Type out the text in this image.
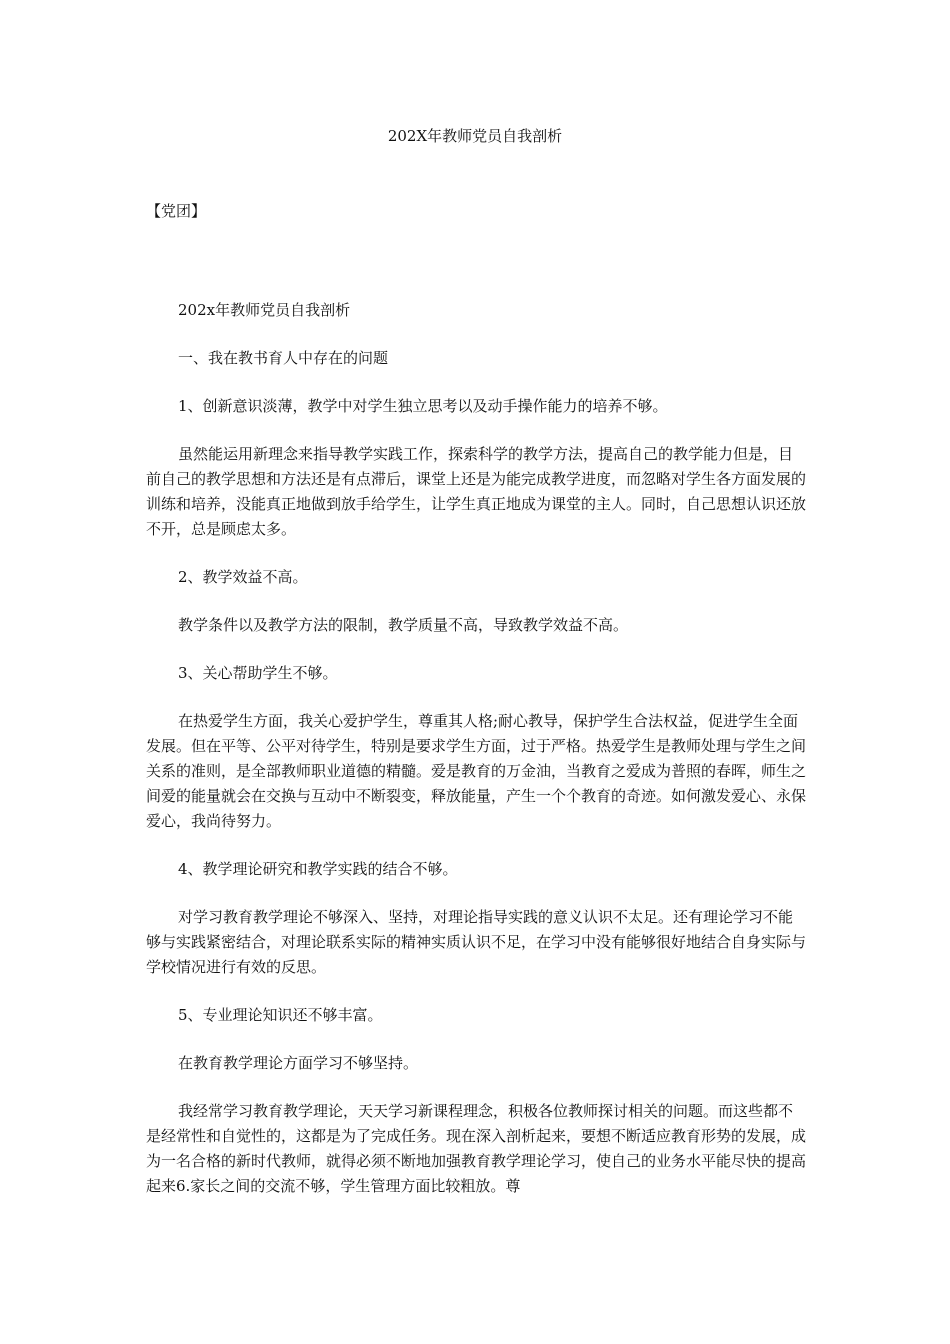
202X年教师党员自我剖析
【党团】

202x年教师党员自我剖析

一、我在教书育人中存在的问题

1、创新意识淡薄，教学中对学生独立思考以及动手操作能力的培养不够。

虽然能运用新理念来指导教学实践工作，探索科学的教学方法，提高自己的教学能力但是，目前自己的教学思想和方法还是有点滞后，课堂上还是为能完成教学进度，而忽略对学生各方面发展的训练和培养，没能真正地做到放手给学生，让学生真正地成为课堂的主人。同时，自己思想认识还放不开，总是顾虑太多。

2、教学效益不高。

教学条件以及教学方法的限制，教学质量不高，导致教学效益不高。

3、关心帮助学生不够。

在热爱学生方面，我关心爱护学生，尊重其人格;耐心教导，保护学生合法权益，促进学生全面发展。但在平等、公平对待学生，特别是要求学生方面，过于严格。热爱学生是教师处理与学生之间关系的准则，是全部教师职业道德的精髓。爱是教育的万金油，当教育之爱成为普照的春晖，师生之间爱的能量就会在交换与互动中不断裂变，释放能量，产生一个个教育的奇迹。如何激发爱心、永保爱心，我尚待努力。

4、教学理论研究和教学实践的结合不够。

对学习教育教学理论不够深入、坚持，对理论指导实践的意义认识不太足。还有理论学习不能够与实践紧密结合，对理论联系实际的精神实质认识不足，在学习中没有能够很好地结合自身实际与学校情况进行有效的反思。

5、专业理论知识还不够丰富。

在教育教学理论方面学习不够坚持。

我经常学习教育教学理论，天天学习新课程理念，积极各位教师探讨相关的问题。而这些都不是经常性和自觉性的，这都是为了完成任务。现在深入剖析起来，要想不断适应教育形势的发展，成为一名合格的新时代教师，就得必须不断地加强教育教学理论学习，使自己的业务水平能尽快的提高起来6.家长之间的交流不够，学生管理方面比较粗放。尊
